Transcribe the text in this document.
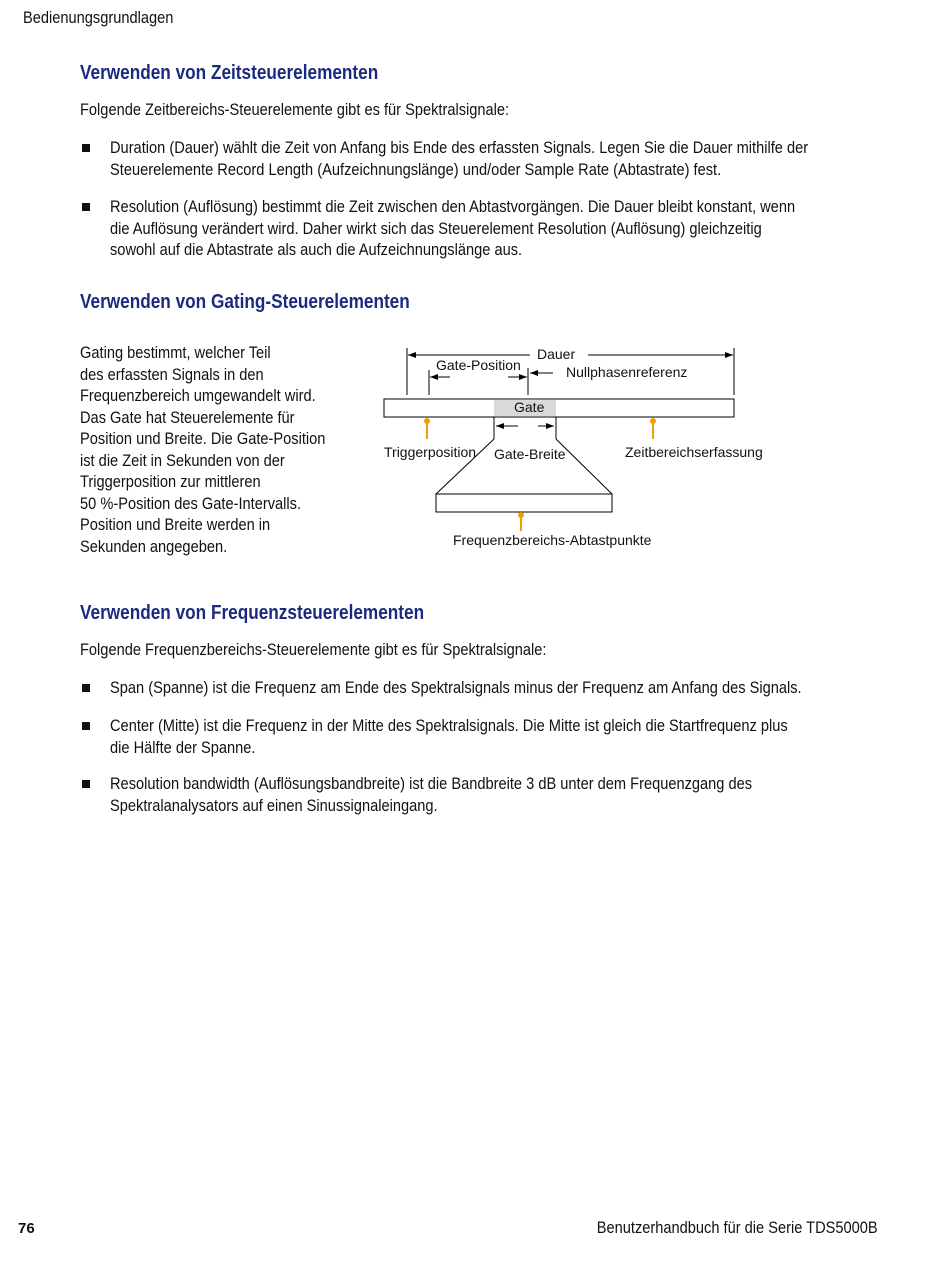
Bedienungsgrundlagen
Verwenden von Zeitsteuerelementen
Folgende Zeitbereichs-Steuerelemente gibt es für Spektralsignale:
Duration (Dauer) wählt die Zeit von Anfang bis Ende des erfassten Signals. Legen Sie die Dauer mithilfe der
Steuerelemente Record Length (Aufzeichnungslänge) und/oder Sample Rate (Abtastrate) fest.
Resolution (Auflösung) bestimmt die Zeit zwischen den Abtastvorgängen. Die Dauer bleibt konstant, wenn
die Auflösung verändert wird. Daher wirkt sich das Steuerelement Resolution (Auflösung) gleichzeitig
sowohl auf die Abtastrate als auch die Aufzeichnungslänge aus.
Verwenden von Gating-Steuerelementen
Gating bestimmt, welcher Teil
des erfassten Signals in den
Frequenzbereich umgewandelt wird.
Das Gate hat Steuerelemente für
Position und Breite. Die Gate-Position
ist die Zeit in Sekunden von der
Triggerposition zur mittleren
50 %-Position des Gate-Intervalls.
Position und Breite werden in
Sekunden angegeben.
Dauer
Gate-Position	Nullphasenreferenz
Gate
Triggerposition Gate-Breite	Zeitbereichserfassung
Frequenzbereichs-Abtastpunkte
Verwenden von Frequenzsteuerelementen
Folgende Frequenzbereichs-Steuerelemente gibt es für Spektralsignale:
Span (Spanne) ist die Frequenz am Ende des Spektralsignals minus der Frequenz am Anfang des Signals.
Center (Mitte) ist die Frequenz in der Mitte des Spektralsignals. Die Mitte ist gleich die Startfrequenz plus
die Hälfte der Spanne.
Resolution bandwidth (Auflösungsbandbreite) ist die Bandbreite 3 dB unter dem Frequenzgang des
Spektralanalysators auf einen Sinussignaleingang.
76	Benutzerhandbuch für die Serie TDS5000B
